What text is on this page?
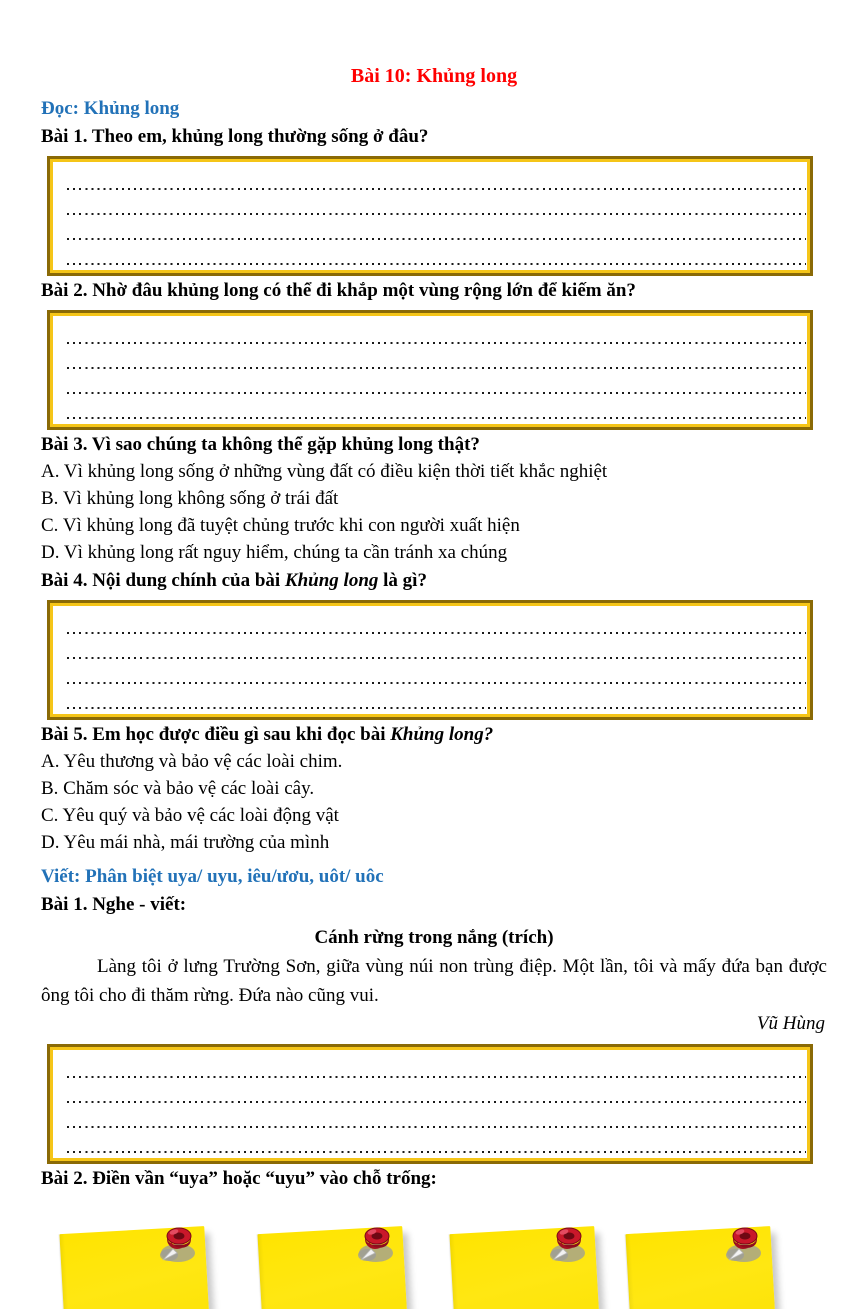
Bài 10: Khủng long
Đọc: Khủng long
Bài 1. Theo em, khủng long thường sống ở đâu?
Bài 2. Nhờ đâu khủng long có thể đi khắp một vùng rộng lớn để kiếm ăn?
Bài 3. Vì sao chúng ta không thể gặp khủng long thật?
A. Vì khủng long sống ở những vùng đất có điều kiện thời tiết khắc nghiệt
B. Vì khủng long không sống ở trái đất
C. Vì khủng long đã tuyệt chủng trước khi con người xuất hiện
D. Vì khủng long rất nguy hiểm, chúng ta cần tránh xa chúng
Bài 4. Nội dung chính của bài Khủng long là gì?
Bài 5. Em học được điều gì sau khi đọc bài Khủng long?
A. Yêu thương và bảo vệ các loài chim.
B. Chăm sóc và bảo vệ các loài cây.
C. Yêu quý và bảo vệ các loài động vật
D. Yêu mái nhà, mái trường của mình
Viết: Phân biệt uya/ uyu, iêu/ươu, uôt/ uôc
Bài 1. Nghe - viết:
Cánh rừng trong nắng (trích)
Làng tôi ở lưng Trường Sơn, giữa vùng núi non trùng điệp. Một lần, tôi và mấy đứa bạn được ông tôi cho đi thăm rừng. Đứa nào cũng vui.
Vũ Hùng
Bài 2. Điền vần “uya” hoặc “uyu” vào chỗ trống:
